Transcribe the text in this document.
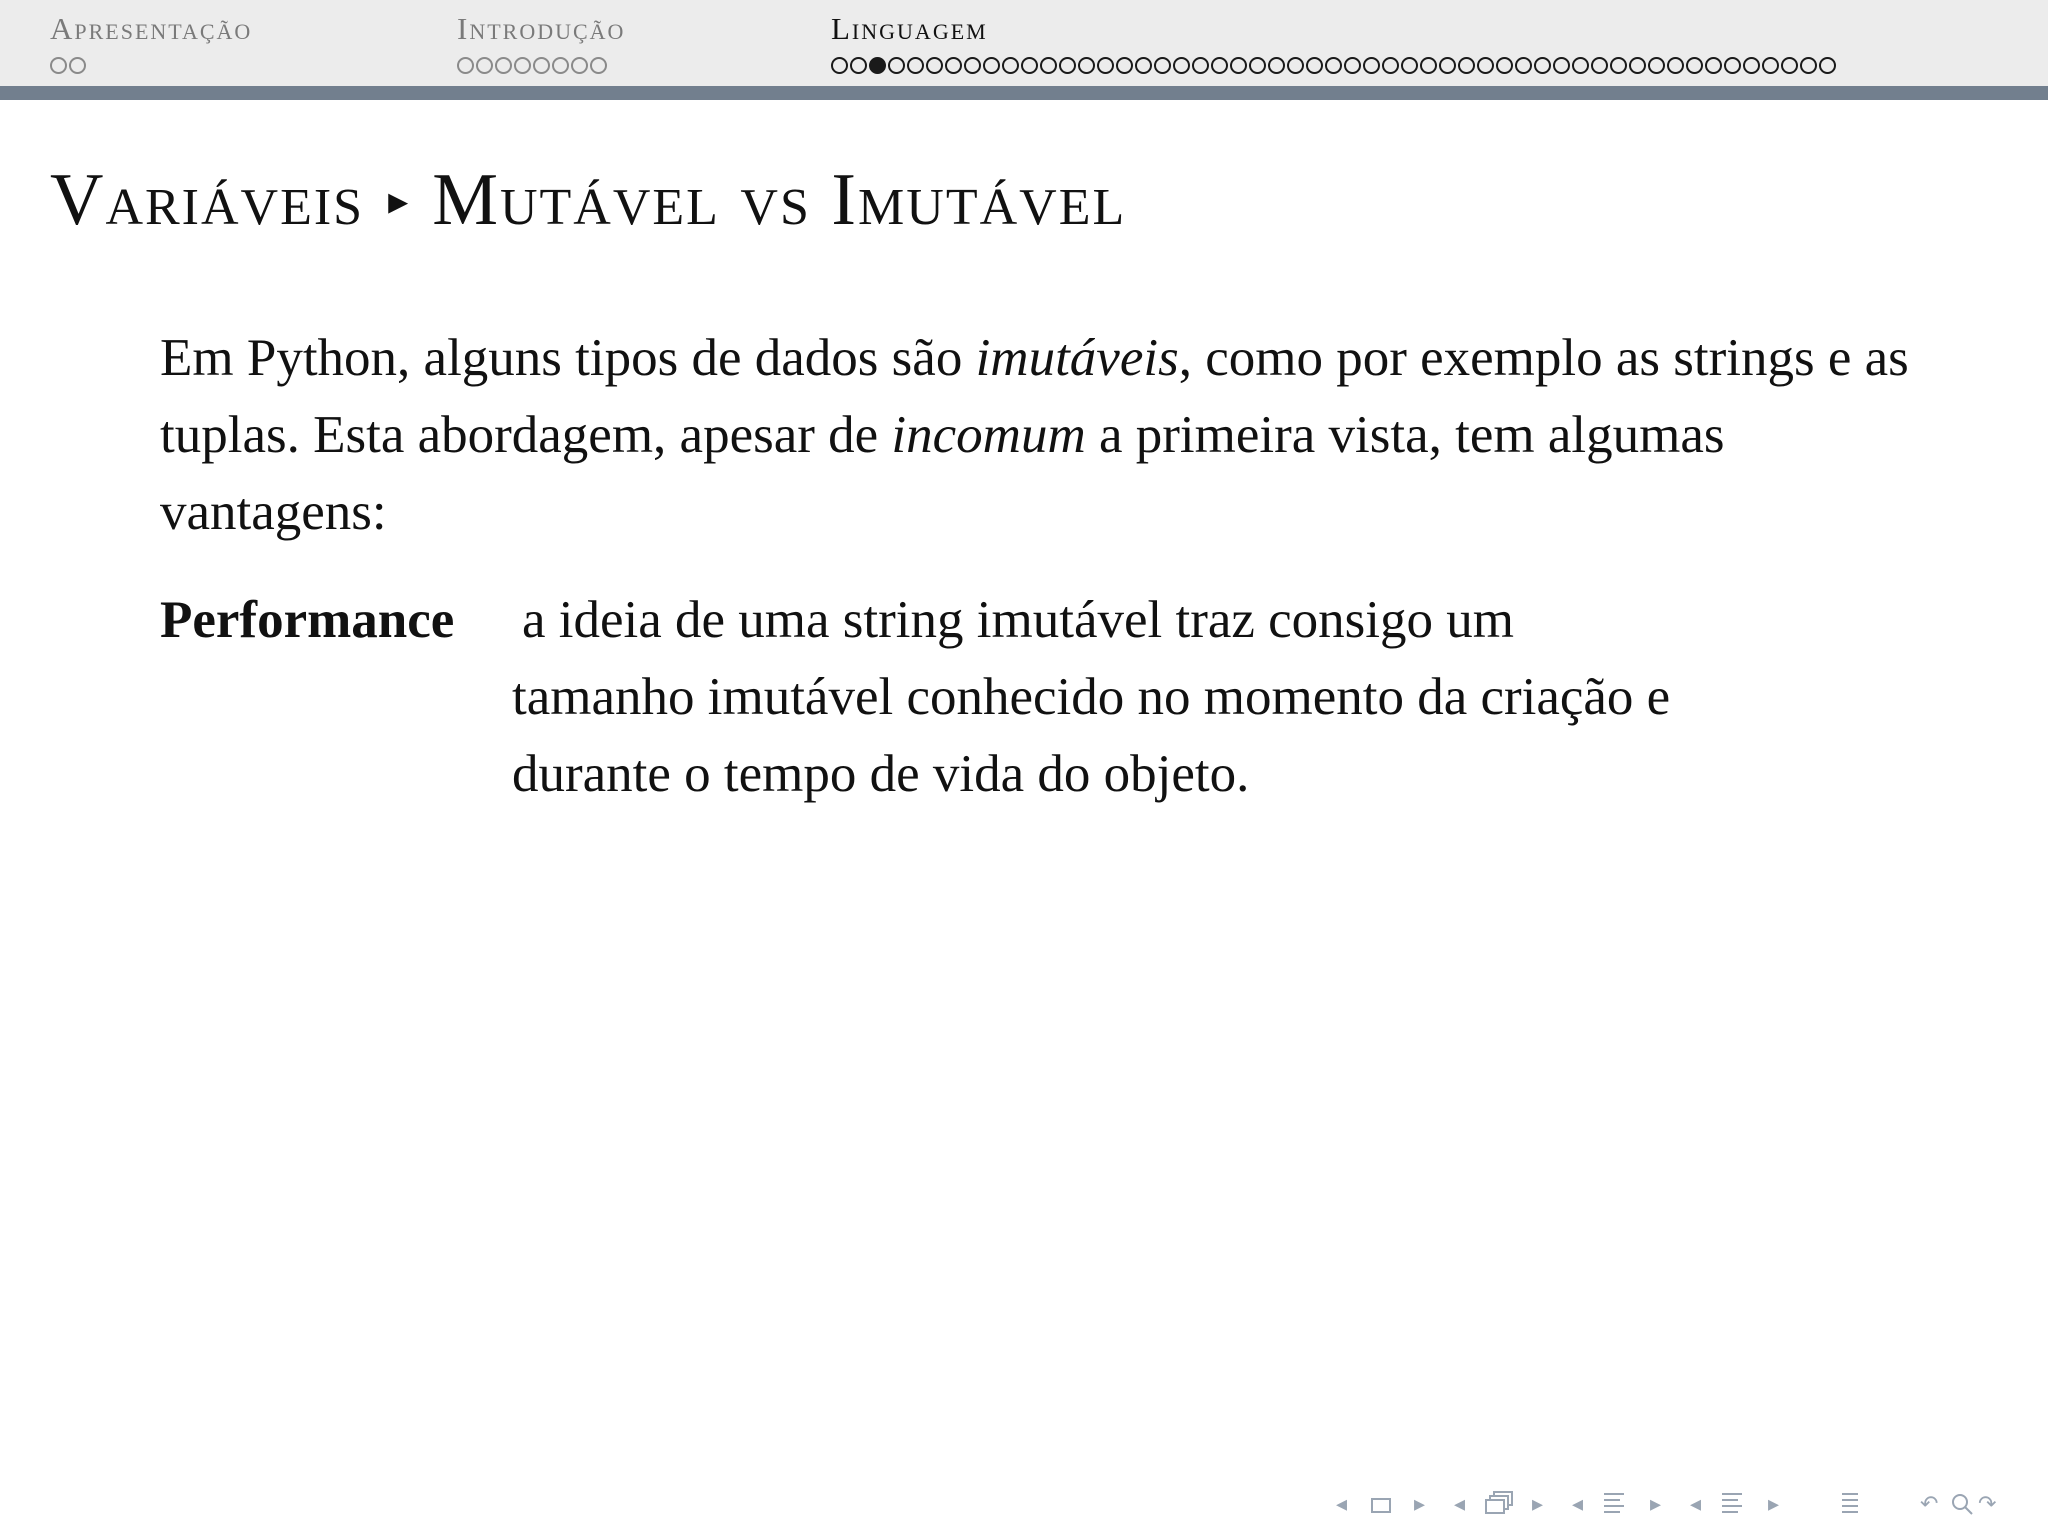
Apresentação	Introdução	Linguagem
Variáveis ▸ Mutável vs Imutável

Em Python, alguns tipos de dados são imutáveis, como por exemplo as strings e as tuplas. Esta abordagem, apesar de incomum a primeira vista, tem algumas vantagens:

Performance a ideia de uma string imutável traz consigo um
tamanho imutável conhecido no momento da criação e
durante o tempo de vida do objeto.
◂	▸ ◂	▸ ◂	▸ ◂	▸	↶ ↷
